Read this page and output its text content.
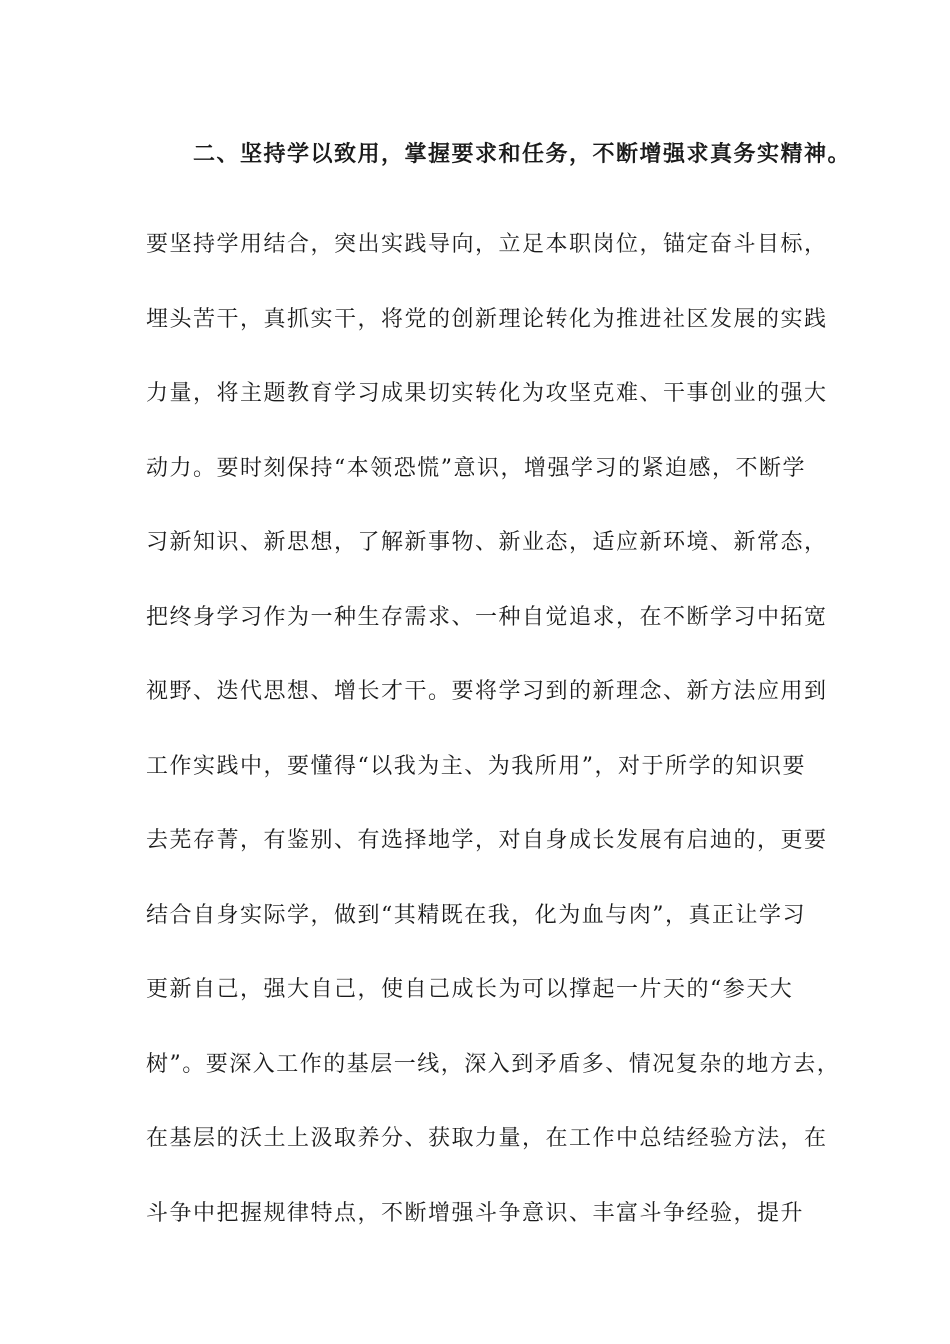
二、坚持学以致用，掌握要求和任务，不断增强求真务实精神。
要坚持学用结合，突出实践导向，立足本职岗位，锚定奋斗目标，
埋头苦干，真抓实干，将党的创新理论转化为推进社区发展的实践
力量，将主题教育学习成果切实转化为攻坚克难、干事创业的强大
动力。要时刻保持“本领恐慌”意识，增强学习的紧迫感，不断学
习新知识、新思想，了解新事物、新业态，适应新环境、新常态，
把终身学习作为一种生存需求、一种自觉追求，在不断学习中拓宽
视野、迭代思想、增长才干。要将学习到的新理念、新方法应用到
工作实践中，要懂得“以我为主、为我所用”，对于所学的知识要
去芜存菁，有鉴别、有选择地学，对自身成长发展有启迪的，更要
结合自身实际学，做到“其精既在我，化为血与肉”，真正让学习
更新自己，强大自己，使自己成长为可以撑起一片天的“参天大
树”。要深入工作的基层一线，深入到矛盾多、情况复杂的地方去，
在基层的沃土上汲取养分、获取力量，在工作中总结经验方法，在
斗争中把握规律特点，不断增强斗争意识、丰富斗争经验，提升
